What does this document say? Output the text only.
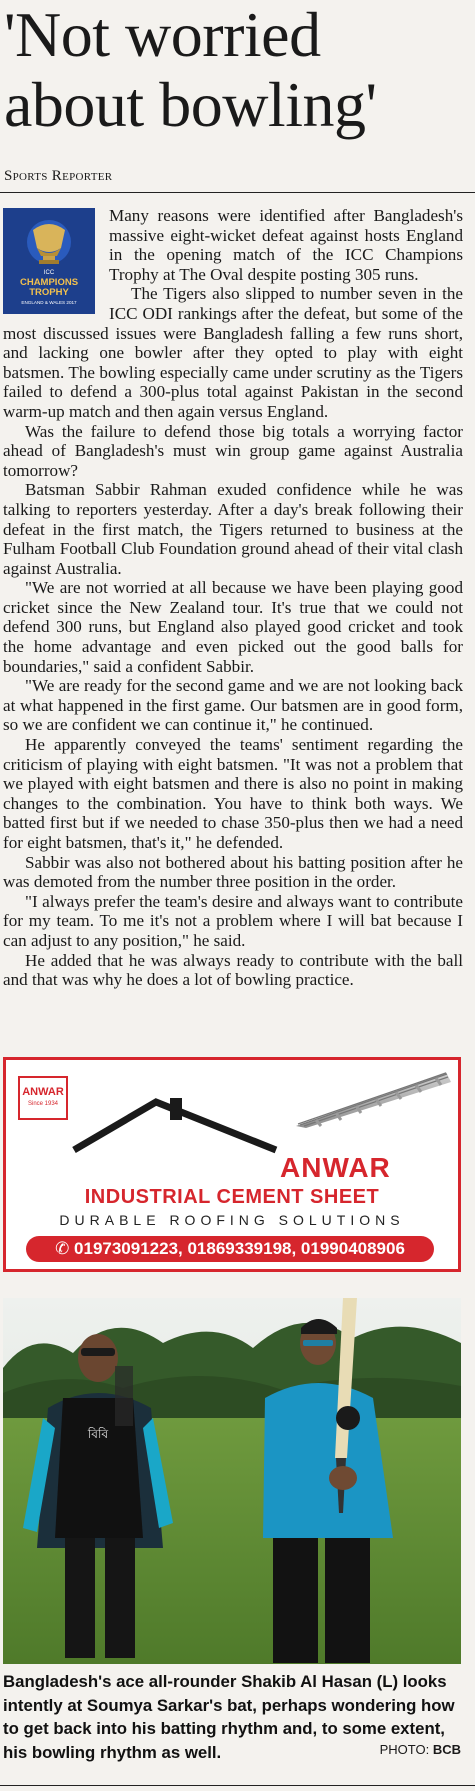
'Not worried
about bowling'
Sports Reporter
ICC
CHAMPIONS
TROPHY
ENGLAND & WALES 2017

Many reasons were identified after Bangladesh's massive eight-wicket defeat against hosts England in the opening match of the ICC Champions Trophy at The Oval despite posting 305 runs.

The Tigers also slipped to number seven in the ICC ODI rankings after the defeat, but some of the most discussed issues were Bangladesh falling a few runs short, and lacking one bowler after they opted to play with eight batsmen. The bowling especially came under scrutiny as the Tigers failed to defend a 300-plus total against Pakistan in the second warm-up match and then again versus England.

Was the failure to defend those big totals a worrying factor ahead of Bangladesh's must win group game against Australia tomorrow?

Batsman Sabbir Rahman exuded confidence while he was talking to reporters yesterday. After a day's break following their defeat in the first match, the Tigers returned to business at the Fulham Football Club Foundation ground ahead of their vital clash against Australia.

"We are not worried at all because we have been playing good cricket since the New Zealand tour. It's true that we could not defend 300 runs, but England also played good cricket and took the home advantage and even picked out the good balls for boundaries," said a confident Sabbir.

"We are ready for the second game and we are not looking back at what happened in the first game. Our batsmen are in good form, so we are confident we can continue it," he continued.

He apparently conveyed the teams' sentiment regarding the criticism of playing with eight batsmen. "It was not a problem that we played with eight batsmen and there is also no point in making changes to the combination. You have to think both ways. We batted first but if we needed to chase 350-plus then we had a need for eight batsmen, that's it," he defended.

Sabbir was also not bothered about his batting position after he was demoted from the number three position in the order.

"I always prefer the team's desire and always want to contribute for my team. To me it's not a problem where I will bat because I can adjust to any position," he said.

He added that he was always ready to contribute with the ball and that was why he does a lot of bowling practice.

ANWAR
Since 1934
ANWAR
INDUSTRIAL CEMENT SHEET
DURABLE ROOFING SOLUTIONS
✆ 01973091223, 01869339198, 01990408906
বিবি
Bangladesh's ace all-rounder Shakib Al Hasan (L) looks intently at Soumya Sarkar's bat, perhaps wondering how to get back into his batting rhythm and, to some extent, his bowling rhythm as well.	PHOTO: BCB
